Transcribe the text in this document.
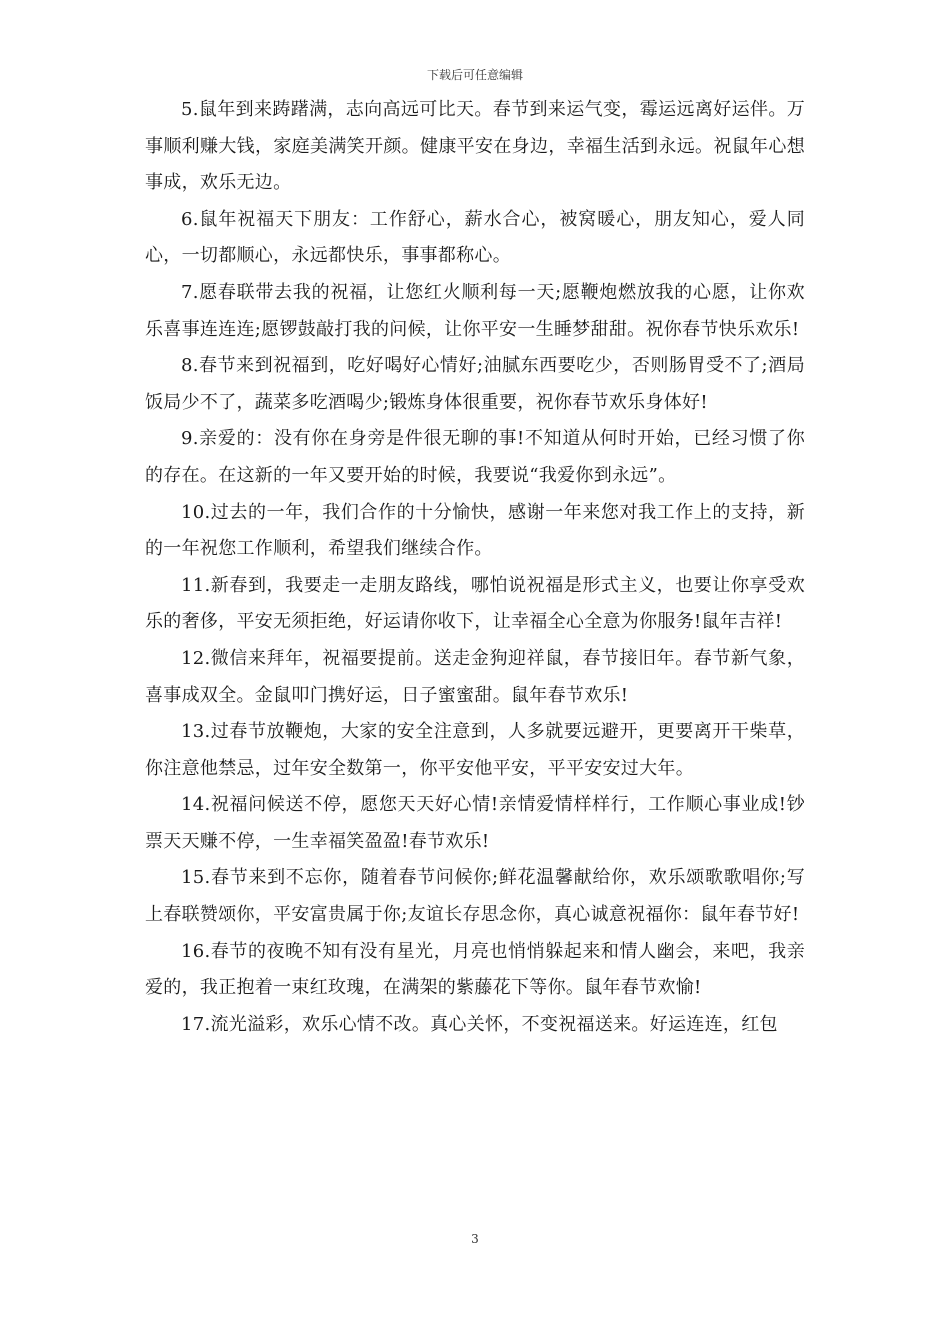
下载后可任意编辑

5.鼠年到来踌躇满，志向高远可比天。春节到来运气变，霉运远离好运伴。万事顺利赚大钱，家庭美满笑开颜。健康平安在身边，幸福生活到永远。祝鼠年心想事成，欢乐无边。

6.鼠年祝福天下朋友：工作舒心，薪水合心，被窝暖心，朋友知心，爱人同心，一切都顺心，永远都快乐，事事都称心。

7.愿春联带去我的祝福，让您红火顺利每一天;愿鞭炮燃放我的心愿，让你欢乐喜事连连连;愿锣鼓敲打我的问候，让你平安一生睡梦甜甜。祝你春节快乐欢乐!

8.春节来到祝福到，吃好喝好心情好;油腻东西要吃少，否则肠胃受不了;酒局饭局少不了，蔬菜多吃酒喝少;锻炼身体很重要，祝你春节欢乐身体好!

9.亲爱的：没有你在身旁是件很无聊的事!不知道从何时开始，已经习惯了你的存在。在这新的一年又要开始的时候，我要说“我爱你到永远”。

10.过去的一年，我们合作的十分愉快，感谢一年来您对我工作上的支持，新的一年祝您工作顺利，希望我们继续合作。

11.新春到，我要走一走朋友路线，哪怕说祝福是形式主义，也要让你享受欢乐的奢侈，平安无须拒绝，好运请你收下，让幸福全心全意为你服务!鼠年吉祥!

12.微信来拜年，祝福要提前。送走金狗迎祥鼠，春节接旧年。春节新气象，喜事成双全。金鼠叩门携好运，日子蜜蜜甜。鼠年春节欢乐!

13.过春节放鞭炮，大家的安全注意到，人多就要远避开，更要离开干柴草，你注意他禁忌，过年安全数第一，你平安他平安，平平安安过大年。

14.祝福问候送不停，愿您天天好心情!亲情爱情样样行，工作顺心事业成!钞票天天赚不停，一生幸福笑盈盈!春节欢乐!

15.春节来到不忘你，随着春节问候你;鲜花温馨献给你，欢乐颂歌歌唱你;写上春联赞颂你，平安富贵属于你;友谊长存思念你，真心诚意祝福你：鼠年春节好!

16.春节的夜晚不知有没有星光，月亮也悄悄躲起来和情人幽会，来吧，我亲爱的，我正抱着一束红玫瑰，在满架的紫藤花下等你。鼠年春节欢愉!

17.流光溢彩，欢乐心情不改。真心关怀，不变祝福送来。好运连连，红包

3
